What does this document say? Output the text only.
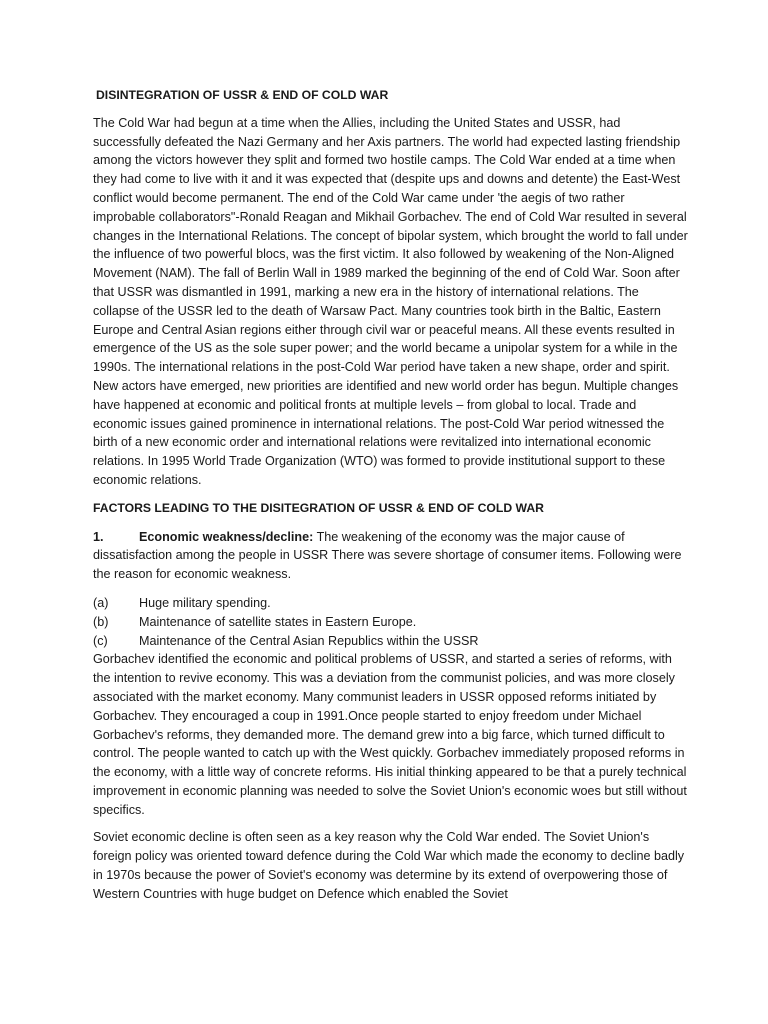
DISINTEGRATION OF USSR & END OF COLD WAR

The Cold War had begun at a time when the Allies, including the United States and USSR, had successfully defeated the Nazi Germany and her Axis partners. The world had expected lasting friendship among the victors however they split and formed two hostile camps. The Cold War ended at a time when they had come to live with it and it was expected that (despite ups and downs and detente) the East-West conflict would become permanent. The end of the Cold War came under 'the aegis of two rather improbable collaborators"-Ronald Reagan and Mikhail Gorbachev. The end of Cold War resulted in several changes in the International Relations. The concept of bipolar system, which brought the world to fall under the influence of two powerful blocs, was the first victim. It also followed by weakening of the Non-Aligned Movement (NAM). The fall of Berlin Wall in 1989 marked the beginning of the end of Cold War. Soon after that USSR was dismantled in 1991, marking a new era in the history of international relations. The collapse of the USSR led to the death of Warsaw Pact. Many countries took birth in the Baltic, Eastern Europe and Central Asian regions either through civil war or peaceful means. All these events resulted in emergence of the US as the sole super power; and the world became a unipolar system for a while in the 1990s. The international relations in the post-Cold War period have taken a new shape, order and spirit. New actors have emerged, new priorities are identified and new world order has begun. Multiple changes have happened at economic and political fronts at multiple levels – from global to local. Trade and economic issues gained prominence in international relations. The post-Cold War period witnessed the birth of a new economic order and international relations were revitalized into international economic relations. In 1995 World Trade Organization (WTO) was formed to provide institutional support to these economic relations.

FACTORS LEADING TO THE DISITEGRATION OF USSR & END OF COLD WAR

1.	Economic weakness/decline: The weakening of the economy was the major cause of dissatisfaction among the people in USSR There was severe shortage of consumer items. Following were the reason for economic weakness.

(a)	Huge military spending.
(b)	Maintenance of satellite states in Eastern Europe.
(c)	Maintenance of the Central Asian Republics within the USSR

Gorbachev identified the economic and political problems of USSR, and started a series of reforms, with the intention to revive economy. This was a deviation from the communist policies, and was more closely associated with the market economy. Many communist leaders in USSR opposed reforms initiated by Gorbachev. They encouraged a coup in 1991.Once people started to enjoy freedom under Michael Gorbachev's reforms, they demanded more. The demand grew into a big farce, which turned difficult to control. The people wanted to catch up with the West quickly. Gorbachev immediately proposed reforms in the economy, with a little way of concrete reforms. His initial thinking appeared to be that a purely technical improvement in economic planning was needed to solve the Soviet Union's economic woes but still without specifics.

Soviet economic decline is often seen as a key reason why the Cold War ended. The Soviet Union's foreign policy was oriented toward defence during the Cold War which made the economy to decline badly in 1970s because the power of Soviet's economy was determine by its extend of overpowering those of Western Countries with huge budget on Defence which enabled the Soviet
